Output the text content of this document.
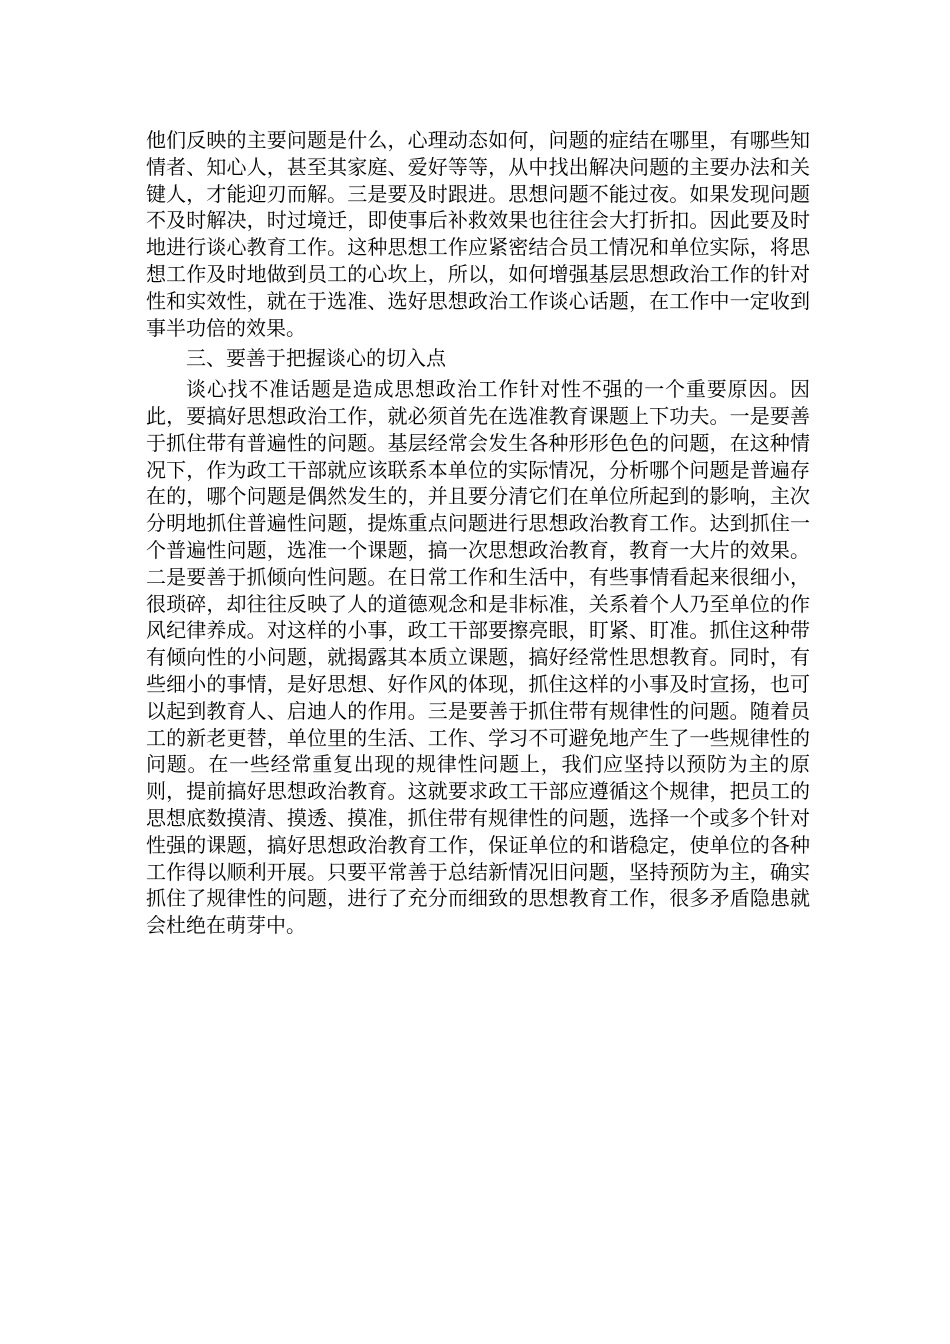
他们反映的主要问题是什么，心理动态如何，问题的症结在哪里，有哪些知情者、知心人，甚至其家庭、爱好等等，从中找出解决问题的主要办法和关键人，才能迎刃而解。三是要及时跟进。思想问题不能过夜。如果发现问题不及时解决，时过境迁，即使事后补救效果也往往会大打折扣。因此要及时地进行谈心教育工作。这种思想工作应紧密结合员工情况和单位实际，将思想工作及时地做到员工的心坎上，所以，如何增强基层思想政治工作的针对性和实效性，就在于选准、选好思想政治工作谈心话题，在工作中一定收到事半功倍的效果。

三、要善于把握谈心的切入点

谈心找不准话题是造成思想政治工作针对性不强的一个重要原因。因此，要搞好思想政治工作，就必须首先在选准教育课题上下功夫。一是要善于抓住带有普遍性的问题。基层经常会发生各种形形色色的问题，在这种情况下，作为政工干部就应该联系本单位的实际情况，分析哪个问题是普遍存在的，哪个问题是偶然发生的，并且要分清它们在单位所起到的影响，主次分明地抓住普遍性问题，提炼重点问题进行思想政治教育工作。达到抓住一个普遍性问题，选准一个课题，搞一次思想政治教育，教育一大片的效果。二是要善于抓倾向性问题。在日常工作和生活中，有些事情看起来很细小，很琐碎，却往往反映了人的道德观念和是非标准，关系着个人乃至单位的作风纪律养成。对这样的小事，政工干部要擦亮眼，盯紧、盯准。抓住这种带有倾向性的小问题，就揭露其本质立课题，搞好经常性思想教育。同时，有些细小的事情，是好思想、好作风的体现，抓住这样的小事及时宣扬，也可以起到教育人、启迪人的作用。三是要善于抓住带有规律性的问题。随着员工的新老更替，单位里的生活、工作、学习不可避免地产生了一些规律性的问题。在一些经常重复出现的规律性问题上，我们应坚持以预防为主的原则，提前搞好思想政治教育。这就要求政工干部应遵循这个规律，把员工的思想底数摸清、摸透、摸准，抓住带有规律性的问题，选择一个或多个针对性强的课题，搞好思想政治教育工作，保证单位的和谐稳定，使单位的各种工作得以顺利开展。只要平常善于总结新情况旧问题，坚持预防为主，确实抓住了规律性的问题，进行了充分而细致的思想教育工作，很多矛盾隐患就会杜绝在萌芽中。
